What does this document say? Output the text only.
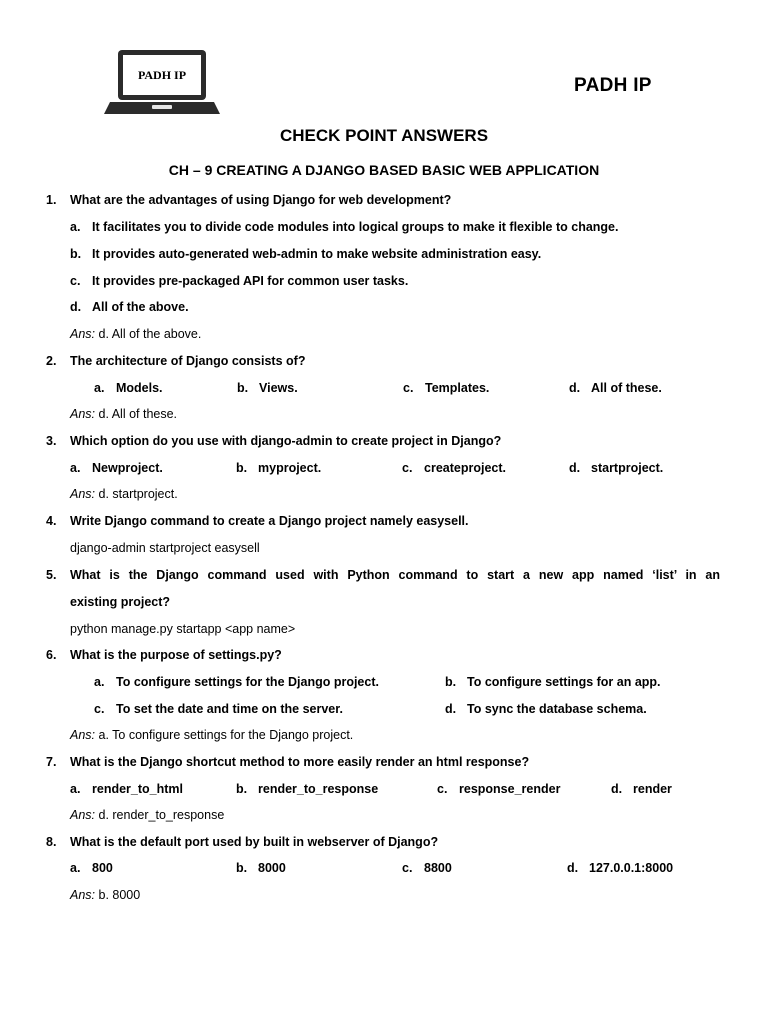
PADH IP	PADH IP
CHECK POINT ANSWERS
CH – 9 CREATING A DJANGO BASED BASIC WEB APPLICATION
1. What are the advantages of using Django for web development?
a. It facilitates you to divide code modules into logical groups to make it flexible to change.
b. It provides auto-generated web-admin to make website administration easy.
c. It provides pre-packaged API for common user tasks.
d. All of the above.
Ans: d. All of the above.
2. The architecture of Django consists of?
a. Models.	b. Views.	c. Templates.	d. All of these.
Ans: d. All of these.
3. Which option do you use with django-admin to create project in Django?
a. Newproject.	b. myproject.	c. createproject.	d. startproject.
Ans: d. startproject.
4. Write Django command to create a Django project namely easysell.
django-admin startproject easysell
5. What is the Django command used with Python command to start a new app named ‘list’ in an
existing project?
python manage.py startapp <app name>
6. What is the purpose of settings.py?
a. To configure settings for the Django project.	b. To configure settings for an app.
c. To set the date and time on the server.	d. To sync the database schema.
Ans: a. To configure settings for the Django project.
7. What is the Django shortcut method to more easily render an html response?
a. render_to_html	b. render_to_response	c. response_render	d. render
Ans: d. render_to_response
8. What is the default port used by built in webserver of Django?
a. 800	b. 8000	c. 8800	d. 127.0.0.1:8000
Ans: b. 8000
